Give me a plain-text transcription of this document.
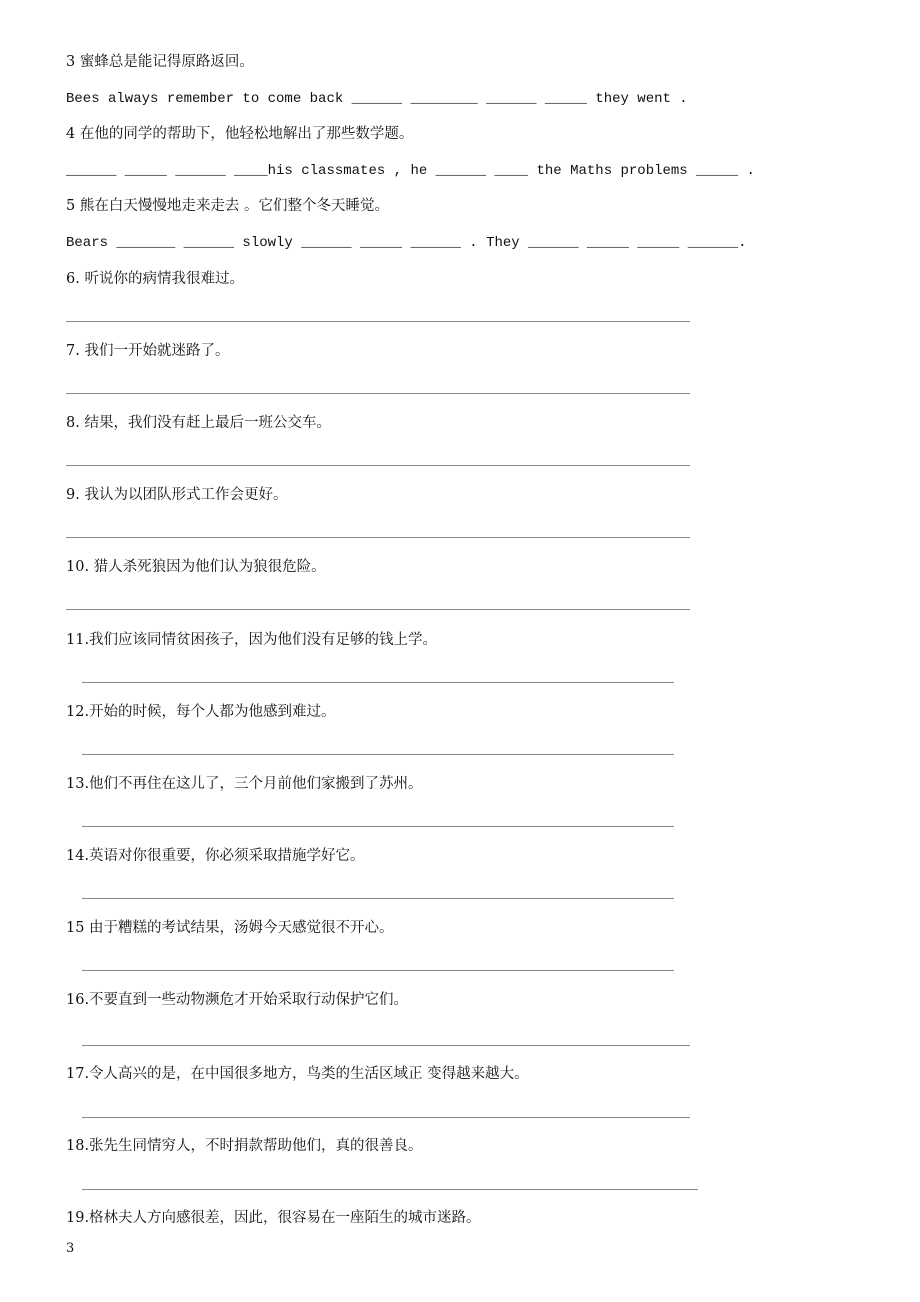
3 蜜蜂总是能记得原路返回。
Bees always remember to come back ______ ________ ______ _____ they went .
4 在他的同学的帮助下，他轻松地解出了那些数学题。
______ _____ ______ ____his classmates , he ______ ____ the Maths problems _____ .
5 熊在白天慢慢地走来走去 。它们整个冬天睡觉。
Bears _______ ______ slowly ______ _____ ______ . They ______ _____ _____ ______.
6. 听说你的病情我很难过。
7. 我们一开始就迷路了。
8. 结果，我们没有赶上最后一班公交车。
9. 我认为以团队形式工作会更好。
10. 猎人杀死狼因为他们认为狼很危险。
11.我们应该同情贫困孩子，因为他们没有足够的钱上学。
12.开始的时候，每个人都为他感到难过。
13.他们不再住在这儿了，三个月前他们家搬到了苏州。
14.英语对你很重要，你必须采取措施学好它。
15 由于糟糕的考试结果，汤姆今天感觉很不开心。
16.不要直到一些动物濒危才开始采取行动保护它们。
17.令人高兴的是，在中国很多地方，鸟类的生活区域正 变得越来越大。
18.张先生同情穷人，不时捐款帮助他们，真的很善良。
19.格林夫人方向感很差，因此，很容易在一座陌生的城市迷路。
3
